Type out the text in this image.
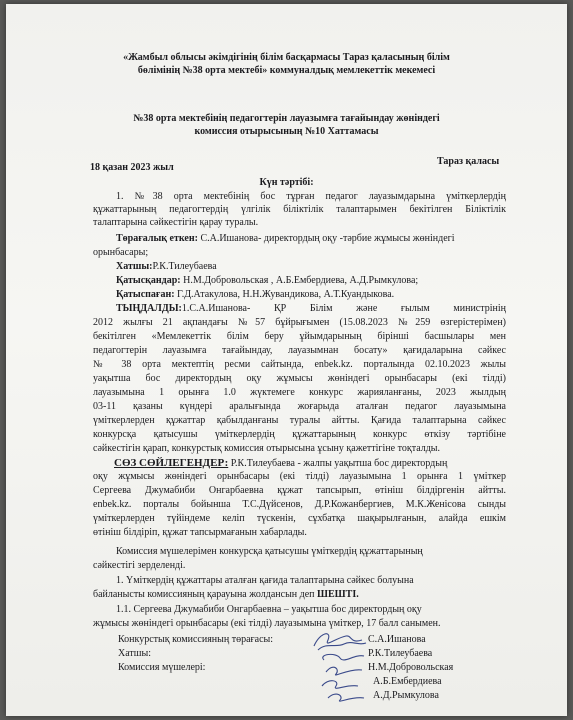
«Жамбыл облысы әкімдігінің білім басқармасы Тараз қаласының білім
бөлімінің №38 орта мектебі» коммуналдық мемлекеттік мекемесі
№38 орта мектебінің педагогтерін лауазымға тағайындау жөніндегі
комиссия отырысының №10 Хаттамасы
18 қазан 2023 жыл
Тараз қаласы
Күн тәртібі:
1. №38 орта мектебінің бос тұрған педагог лауазымдарына үміткерлердің
құжаттарының педагогтердің үлгілік біліктілік талаптарымен бекітілген Біліктілік
талаптарына сәйкестігін қарау туралы.
Төрағалық еткен: С.А.Ишанова- директордың оқу -тәрбие жұмысы жөніндегі
орынбасары;
Хатшы:Р.К.Тилеубаева
Қатысқандар: Н.М.Добровольская , А.Б.Ембердиева, А.Д.Рымкулова;
Қатыспаған: Г.Д.Атакулова, Н.Н.Жувандикова, А.Т.Куандыкова.
ТЫҢДАЛДЫ:1.С.А.Ишанова- ҚР Білім және ғылым министрінің
2012 жылғы 21 ақпандағы №57 бұйрығымен (15.08.2023 №259 өзгерістерімен)
бекітілген «Мемлекеттік білім беру ұйымдарының бірінші басшылары мен
педагогтерін лауазымға тағайындау, лауазымнан босату» қағидаларына сәйкес
№ 38 орта мектептің ресми сайтында, enbek.kz. порталында 02.10.2023 жылы
уақытша бос директордың оқу жұмысы жөніндегі орынбасары (екі тілді)
лауазымына 1 орынға 1.0 жүктемеге конкурс жарияланғаны, 2023 жылдың
03-11 қазаны күндері аралығында жоғарыда аталған педагог лауазымына
үміткерлерден құжаттар қабылданғаны туралы айтты. Қағида талаптарына сәйкес
конкурсқа қатысушы үміткерлердің құжаттарының конкурс өткізу тәртібіне
сәйкестігін қарап, конкурстық комиссия отырысына ұсыну қажеттігіне тоқталды.
СӨЗ СӨЙЛЕГЕНДЕР: Р.К.Тилеубаева - жалпы уақытша бос директордың
оқу жұмысы жөніндегі орынбасары (екі тілді) лауазымына 1 орынға 1 үміткер
Сергеева Джумабиби Онгарбаевна құжат тапсырып, өтініш білдіргенін айтты.
enbek.kz. порталы бойынша Т.С.Дүйсенов, Д.Р.Кожанбергиев, М.К.Женісова сынды
үміткерлерден түйіндеме келіп түскенін, сұхбатқа шақырылғанын, алайда ешкім
өтініш білдіріп, құжат тапсырмағанын хабарлады.
Комиссия мүшелерімен конкурсқа қатысушы үміткердің құжаттарының
сәйкестігі зерделенді.
1. Үміткердің құжаттары аталған қағида талаптарына сәйкес болуына
байланысты комиссияның қарауына жолдансын деп ШЕШТІ.
1.1. Сергеева Джумабиби Онгарбаевна – уақытша бос директордың оқу
жұмысы жөніндегі орынбасары (екі тілді) лауазымына үміткер, 17 балл санымен.
Конкурстық комиссияның төрағасы:	С.А.Ишанова
Хатшы:	Р.К.Тилеубаева
Комиссия мүшелері:	Н.М.Добровольская
А.Б.Ембердиева
А.Д.Рымкулова
